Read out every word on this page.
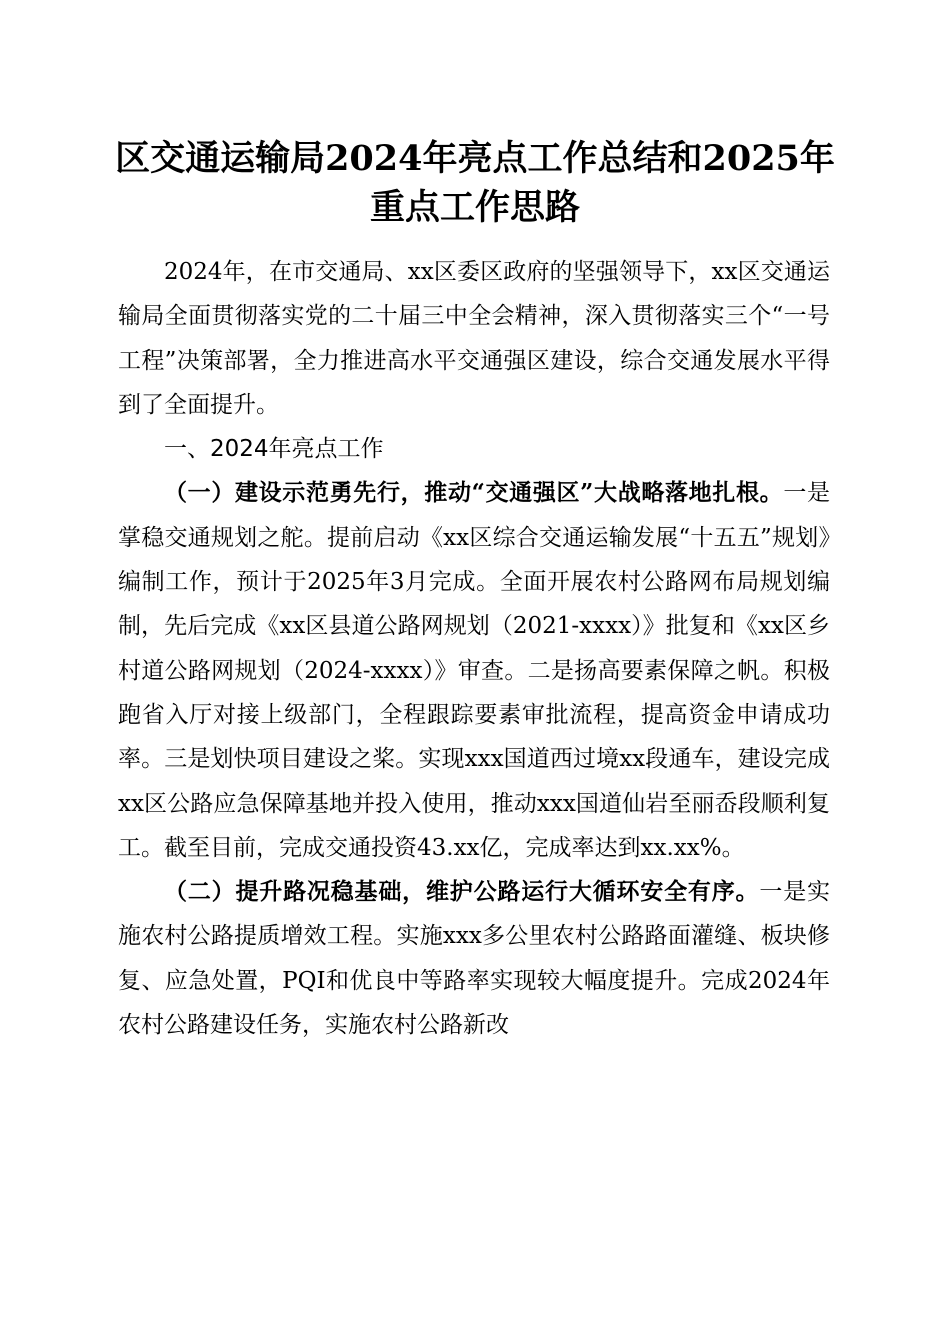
区交通运输局2024年亮点工作总结和2025年
重点工作思路

2024年，在市交通局、xx区委区政府的坚强领导下，xx区交通运输局全面贯彻落实党的二十届三中全会精神，深入贯彻落实三个“一号工程”决策部署，全力推进高水平交通强区建设，综合交通发展水平得到了全面提升。

一、2024年亮点工作

（一）建设示范勇先行，推动“交通强区”大战略落地扎根。一是掌稳交通规划之舵。提前启动《xx区综合交通运输发展“十五五”规划》编制工作，预计于2025年3月完成。全面开展农村公路网布局规划编制，先后完成《xx区县道公路网规划（2021-xxxx）》批复和《xx区乡村道公路网规划（2024-xxxx）》审查。二是扬高要素保障之帆。积极跑省入厅对接上级部门，全程跟踪要素审批流程，提高资金申请成功率。三是划快项目建设之桨。实现xxx国道西过境xx段通车，建设完成xx区公路应急保障基地并投入使用，推动xxx国道仙岩至丽岙段顺利复工。截至目前，完成交通投资43.xx亿，完成率达到xx.xx%。

（二）提升路况稳基础，维护公路运行大循环安全有序。一是实施农村公路提质增效工程。实施xxx多公里农村公路路面灌缝、板块修复、应急处置，PQI和优良中等路率实现较大幅度提升。完成2024年农村公路建设任务，实施农村公路新改
